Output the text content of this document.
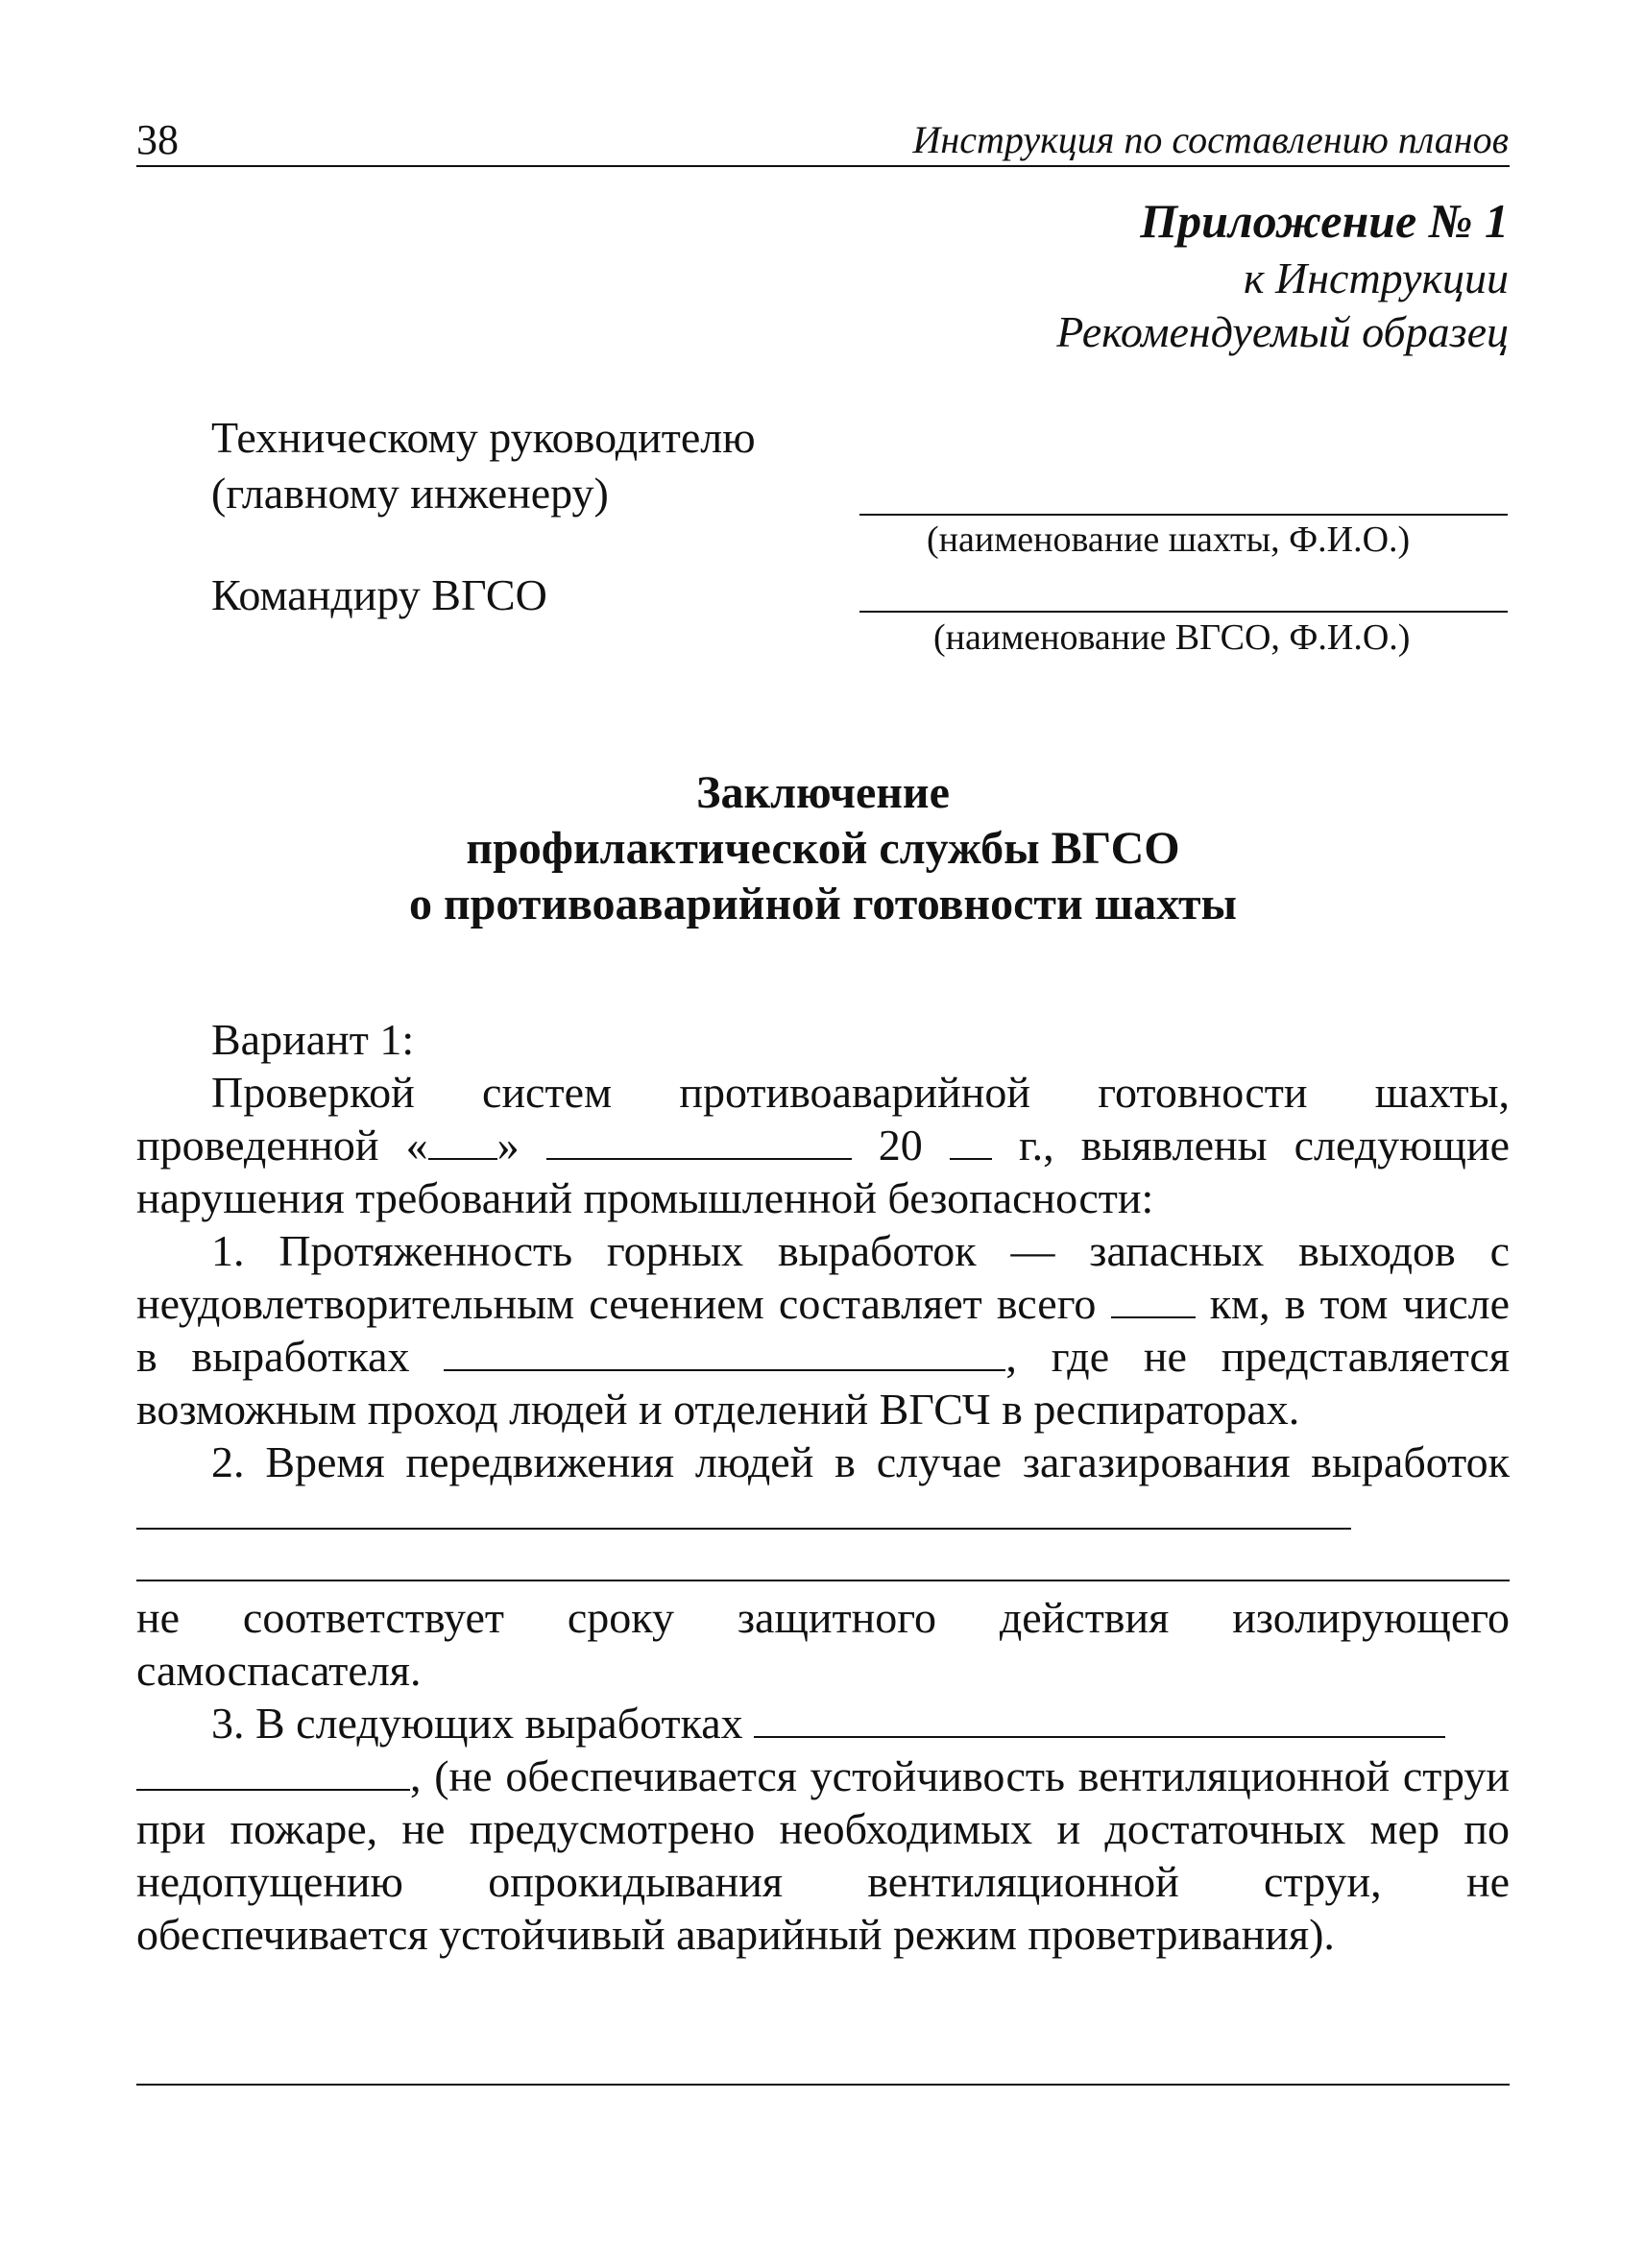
38	Инструкция по составлению планов
Приложение № 1
к Инструкции
Рекомендуемый образец
Техническому руководителю
(главному инженеру)
(наименование шахты, Ф.И.О.)
Командиру ВГСО
(наименование ВГСО, Ф.И.О.)
Заключение
профилактической службы ВГСО
о противоаварийной готовности шахты

Вариант 1:

Проверкой систем противоаварийной готовности шахты, проведенной « »	20 г., выявлены следующие нарушения требований промышленной безопасности:

1. Протяженность горных выработок — запасных выходов с неудовлетворительным сечением составляет всего	км, в том числе в выработках	, где не представляется возможным проход людей и отделений ВГСЧ в респираторах.

2. Время передвижения людей в случае загазирования выработок

не соответствует сроку защитного действия изолирующего самоспасателя.

3. В следующих выработках

, (не обеспечивается устойчивость вентиляционной струи при пожаре, не предусмотрено необходимых и достаточных мер по недопущению опрокидывания вентиляционной струи, не обеспечивается устойчивый аварийный режим проветривания).
